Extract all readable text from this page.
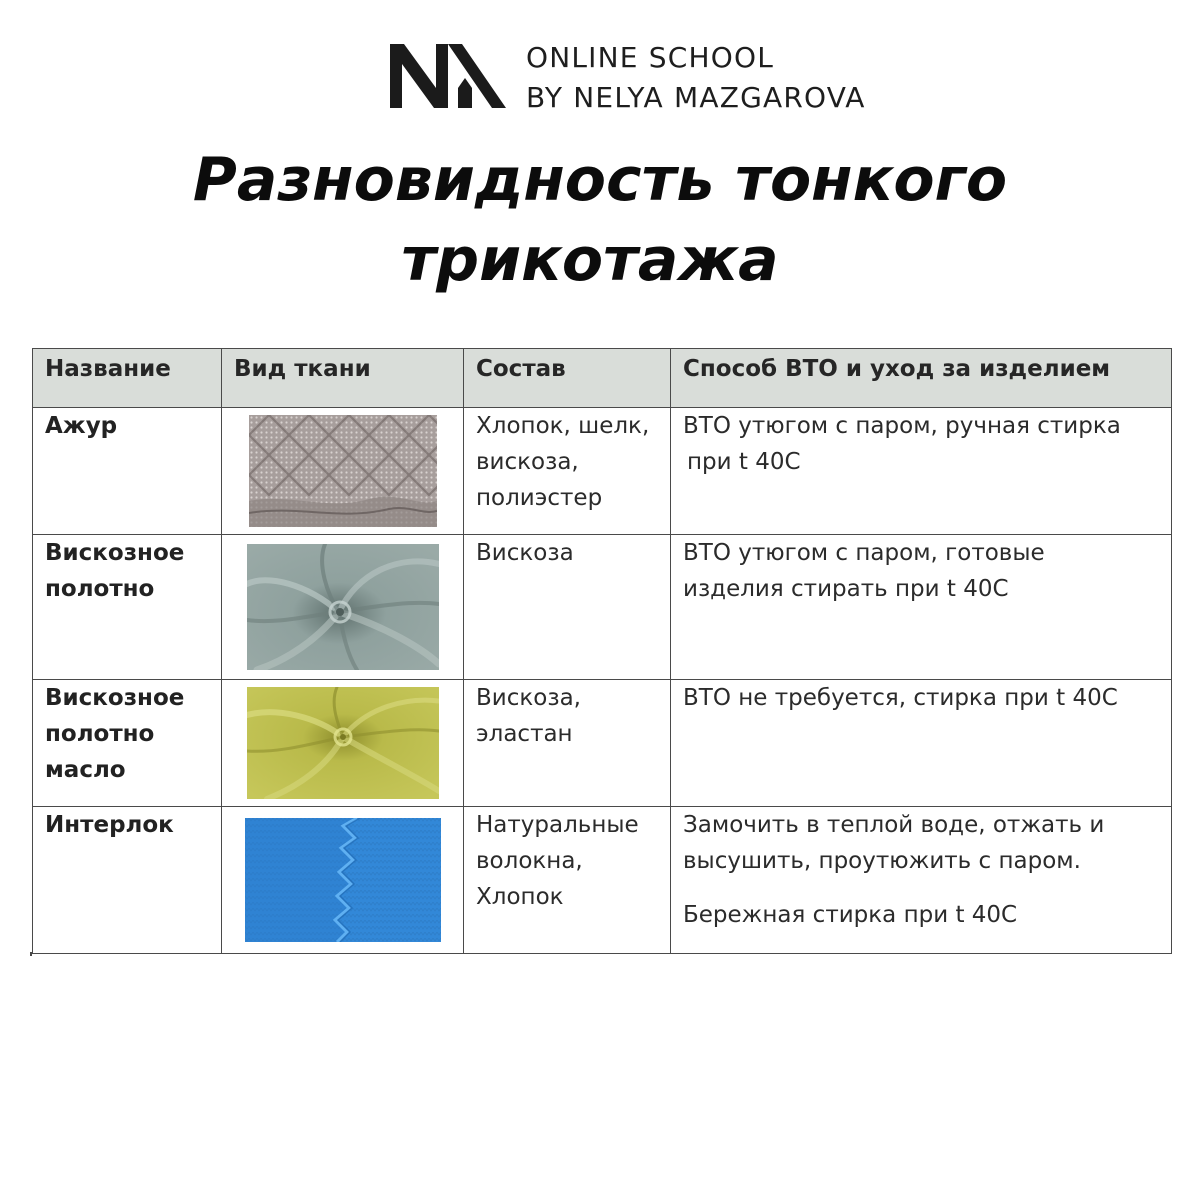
ONLINE SCHOOL
BY NELYA MAZGAROVA
Разновидность тонкого
трикотажа
Название	Вид ткани	Состав	Способ ВТО и уход за изделием

Ажур		Хлопок, шелк,
вискоза,
полиэстер	ВТО утюгом с паром, ручная стирка
при t 40С

Вискозное
полотно		Вискоза	ВТО утюгом с паром, готовые
изделия стирать при t 40С

Вискозное
полотно
масло		Вискоза,
эластан	ВТО не требуется, стирка при t 40С

Интерлок		Натуральные
волокна,
Хлопок	Замочить в теплой воде, отжать и
высушить, проутюжить с паром.
Бережная стирка при t 40С
